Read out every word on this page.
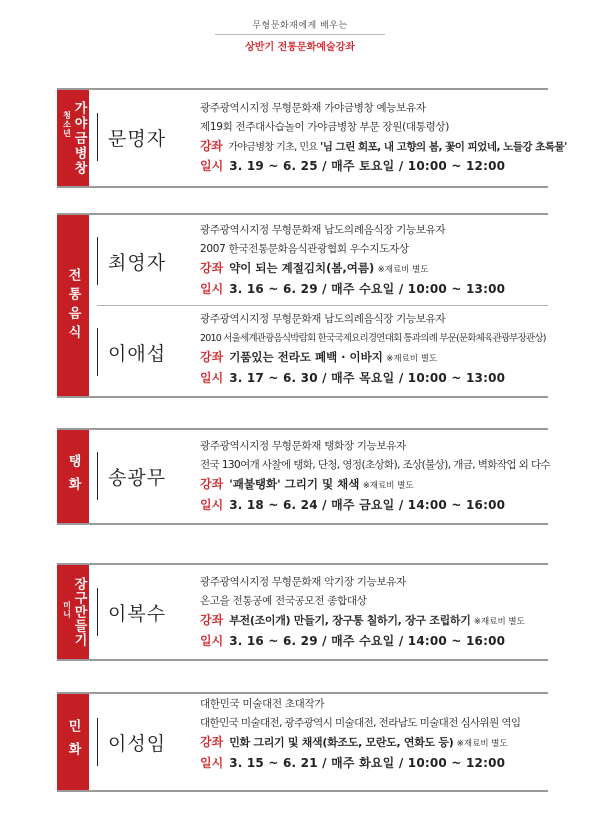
무형문화재에게 배우는
상반기 전통문화예술강좌
가야금병창
청소년
문명자
광주광역시지정 무형문화재 가야금병창 예능보유자
제19회 전주대사습놀이 가야금병창 부문 장원(대통령상)
강좌 가야금병창 기초, 민요 '님 그린 회포, 내 고향의 봄, 꽃이 피었네, 노들강 초록물'
일시 3. 19 ~ 6. 25 / 매주 토요일 / 10:00 ~ 12:00
전통음식
최영자
광주광역시지정 무형문화재 남도의례음식장 기능보유자
2007 한국전통문화음식관광협회 우수지도자상
강좌 약이 되는 계절김치(봄,여름) ※재료비 별도
일시 3. 16 ~ 6. 29 / 매주 수요일 / 10:00 ~ 13:00
이애섭
광주광역시지정 무형문화재 남도의례음식장 기능보유자
2010 서울세계관광음식박람회 한국국제요리경연대회 통과의례 부문(문화체육관광부장관상)
강좌 기품있는 전라도 폐백 · 이바지 ※재료비 별도
일시 3. 17 ~ 6. 30 / 매주 목요일 / 10:00 ~ 13:00
탱화	송광무
광주광역시지정 무형문화재 탱화장 기능보유자
전국 130여개 사찰에 탱화, 단청, 영정(초상화), 조상(불상), 개금, 벽화작업 외 다수
강좌 '괘불탱화' 그리기 및 채색 ※재료비 별도
일시 3. 18 ~ 6. 24 / 매주 금요일 / 14:00 ~ 16:00
장구만들기
미니	이복수
광주광역시지정 무형문화재 악기장 기능보유자
온고을 전통공예 전국공모전 종합대상
강좌 부전(조이개) 만들기, 장구통 칠하기, 장구 조립하기 ※재료비 별도
일시 3. 16 ~ 6. 29 / 매주 수요일 / 14:00 ~ 16:00
민화	이성임
대한민국 미술대전 초대작가
대한민국 미술대전, 광주광역시 미술대전, 전라남도 미술대전 심사위원 역임
강좌 민화 그리기 및 채색(화조도, 모란도, 연화도 등) ※재료비 별도
일시 3. 15 ~ 6. 21 / 매주 화요일 / 10:00 ~ 12:00
